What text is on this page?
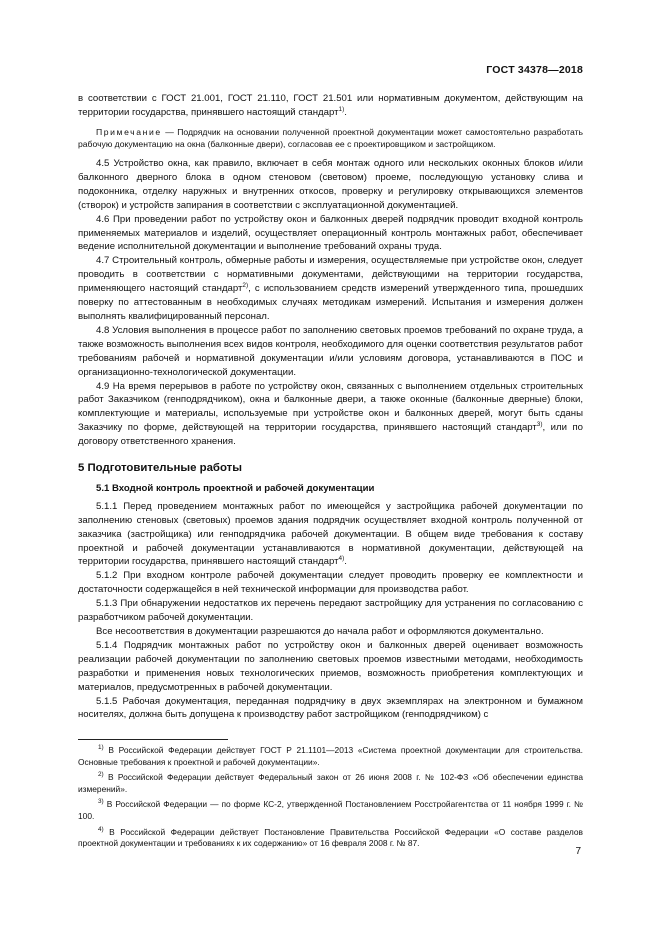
ГОСТ 34378—2018

в соответствии с ГОСТ 21.001, ГОСТ 21.110, ГОСТ 21.501 или нормативным документом, действующим на территории государства, принявшего настоящий стандарт$^{1)}$.

Примечание — Подрядчик на основании полученной проектной документации может самостоятельно разработать рабочую документацию на окна (балконные двери), согласовав ее с проектировщиком и застройщиком.

4.5 Устройство окна, как правило, включает в себя монтаж одного или нескольких оконных блоков и/или балконного дверного блока в одном стеновом (световом) проеме, последующую установку слива и подоконника, отделку наружных и внутренних откосов, проверку и регулировку открывающихся элементов (створок) и устройств запирания в соответствии с эксплуатационной документацией.

4.6 При проведении работ по устройству окон и балконных дверей подрядчик проводит входной контроль применяемых материалов и изделий, осуществляет операционный контроль монтажных работ, обеспечивает ведение исполнительной документации и выполнение требований охраны труда.

4.7 Строительный контроль, обмерные работы и измерения, осуществляемые при устройстве окон, следует проводить в соответствии с нормативными документами, действующими на территории государства, применяющего настоящий стандарт$^{2)}$, с использованием средств измерений утвержденного типа, прошедших поверку по аттестованным в необходимых случаях методикам измерений. Испытания и измерения должен выполнять квалифицированный персонал.

4.8 Условия выполнения в процессе работ по заполнению световых проемов требований по охране труда, а также возможность выполнения всех видов контроля, необходимого для оценки соответствия результатов работ требованиям рабочей и нормативной документации и/или условиям договора, устанавливаются в ПОС и организационно-технологической документации.

4.9 На время перерывов в работе по устройству окон, связанных с выполнением отдельных строительных работ Заказчиком (генподрядчиком), окна и балконные двери, а также оконные (балконные дверные) блоки, комплектующие и материалы, используемые при устройстве окон и балконных дверей, могут быть сданы Заказчику по форме, действующей на территории государства, принявшего настоящий стандарт$^{3)}$, или по договору ответственного хранения.

5 Подготовительные работы
5.1 Входной контроль проектной и рабочей документации

5.1.1 Перед проведением монтажных работ по имеющейся у застройщика рабочей документации по заполнению стеновых (световых) проемов здания подрядчик осуществляет входной контроль полученной от заказчика (застройщика) или генподрядчика рабочей документации. В общем виде требования к составу проектной и рабочей документации устанавливаются в нормативной документации, действующей на территории государства, принявшего настоящий стандарт$^{4)}$.

5.1.2 При входном контроле рабочей документации следует проводить проверку ее комплектности и достаточности содержащейся в ней технической информации для производства работ.

5.1.3 При обнаружении недостатков их перечень передают застройщику для устранения по согласованию с разработчиком рабочей документации.

Все несоответствия в документации разрешаются до начала работ и оформляются документально.

5.1.4 Подрядчик монтажных работ по устройству окон и балконных дверей оценивает возможность реализации рабочей документации по заполнению световых проемов известными методами, необходимость разработки и применения новых технологических приемов, возможность приобретения комплектующих и материалов, предусмотренных в рабочей документации.

5.1.5 Рабочая документация, переданная подрядчику в двух экземплярах на электронном и бумажном носителях, должна быть допущена к производству работ застройщиком (генподрядчиком) с

$^{1)}$ В Российской Федерации действует ГОСТ Р 21.1101—2013 «Система проектной документации для строительства. Основные требования к проектной и рабочей документации».

$^{2)}$ В Российской Федерации действует Федеральный закон от 26 июня 2008 г. № 102-ФЗ «Об обеспечении единства измерений».

$^{3)}$ В Российской Федерации — по форме КС-2, утвержденной Постановлением Росстройагентства от 11 ноября 1999 г. № 100.

$^{4)}$ В Российской Федерации действует Постановление Правительства Российской Федерации «О составе разделов проектной документации и требованиях к их содержанию» от 16 февраля 2008 г. № 87.

7
